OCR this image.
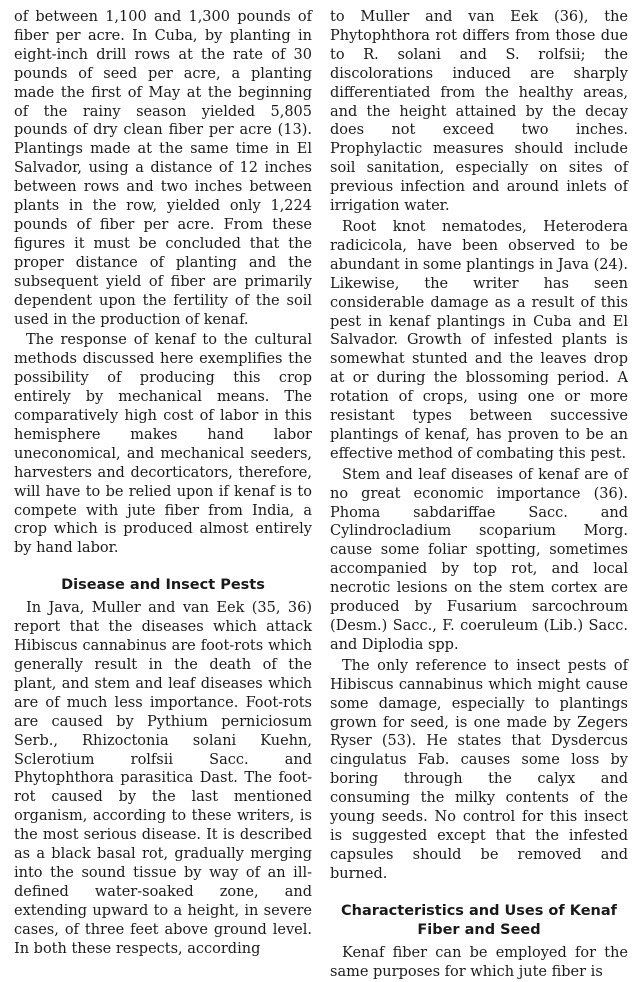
of between 1,100 and 1,300 pounds of fiber per acre. In Cuba, by planting in eight-inch drill rows at the rate of 30 pounds of seed per acre, a planting made the first of May at the beginning of the rainy season yielded 5,805 pounds of dry clean fiber per acre (13). Plantings made at the same time in El Salvador, using a distance of 12 inches between rows and two inches between plants in the row, yielded only 1,224 pounds of fiber per acre. From these figures it must be concluded that the proper distance of planting and the subsequent yield of fiber are primarily dependent upon the fertility of the soil used in the production of kenaf.

The response of kenaf to the cultural methods discussed here exemplifies the possibility of producing this crop entirely by mechanical means. The comparatively high cost of labor in this hemisphere makes hand labor uneconomical, and mechanical seeders, harvesters and decorticators, therefore, will have to be relied upon if kenaf is to compete with jute fiber from India, a crop which is produced almost entirely by hand labor.

Disease and Insect Pests

In Java, Muller and van Eek (35, 36) report that the diseases which attack Hibiscus cannabinus are foot-rots which generally result in the death of the plant, and stem and leaf diseases which are of much less importance. Foot-rots are caused by Pythium perniciosum Serb., Rhizoctonia solani Kuehn, Sclerotium rolfsii Sacc. and Phytophthora parasitica Dast. The foot-rot caused by the last mentioned organism, according to these writers, is the most serious disease. It is described as a black basal rot, gradually merging into the sound tissue by way of an ill-defined water-soaked zone, and extending upward to a height, in severe cases, of three feet above ground level. In both these respects, according

to Muller and van Eek (36), the Phytophthora rot differs from those due to R. solani and S. rolfsii; the discolorations induced are sharply differentiated from the healthy areas, and the height attained by the decay does not exceed two inches. Prophylactic measures should include soil sanitation, especially on sites of previous infection and around inlets of irrigation water.

Root knot nematodes, Heterodera radicicola, have been observed to be abundant in some plantings in Java (24). Likewise, the writer has seen considerable damage as a result of this pest in kenaf plantings in Cuba and El Salvador. Growth of infested plants is somewhat stunted and the leaves drop at or during the blossoming period. A rotation of crops, using one or more resistant types between successive plantings of kenaf, has proven to be an effective method of combating this pest.

Stem and leaf diseases of kenaf are of no great economic importance (36). Phoma sabdariffae Sacc. and Cylindrocladium scoparium Morg. cause some foliar spotting, sometimes accompanied by top rot, and local necrotic lesions on the stem cortex are produced by Fusarium sarcochroum (Desm.) Sacc., F. coeruleum (Lib.) Sacc. and Diplodia spp.

The only reference to insect pests of Hibiscus cannabinus which might cause some damage, especially to plantings grown for seed, is one made by Zegers Ryser (53). He states that Dysdercus cingulatus Fab. causes some loss by boring through the calyx and consuming the milky contents of the young seeds. No control for this insect is suggested except that the infested capsules should be removed and burned.

Characteristics and Uses of Kenaf
Fiber and Seed

Kenaf fiber can be employed for the same purposes for which jute fiber is
